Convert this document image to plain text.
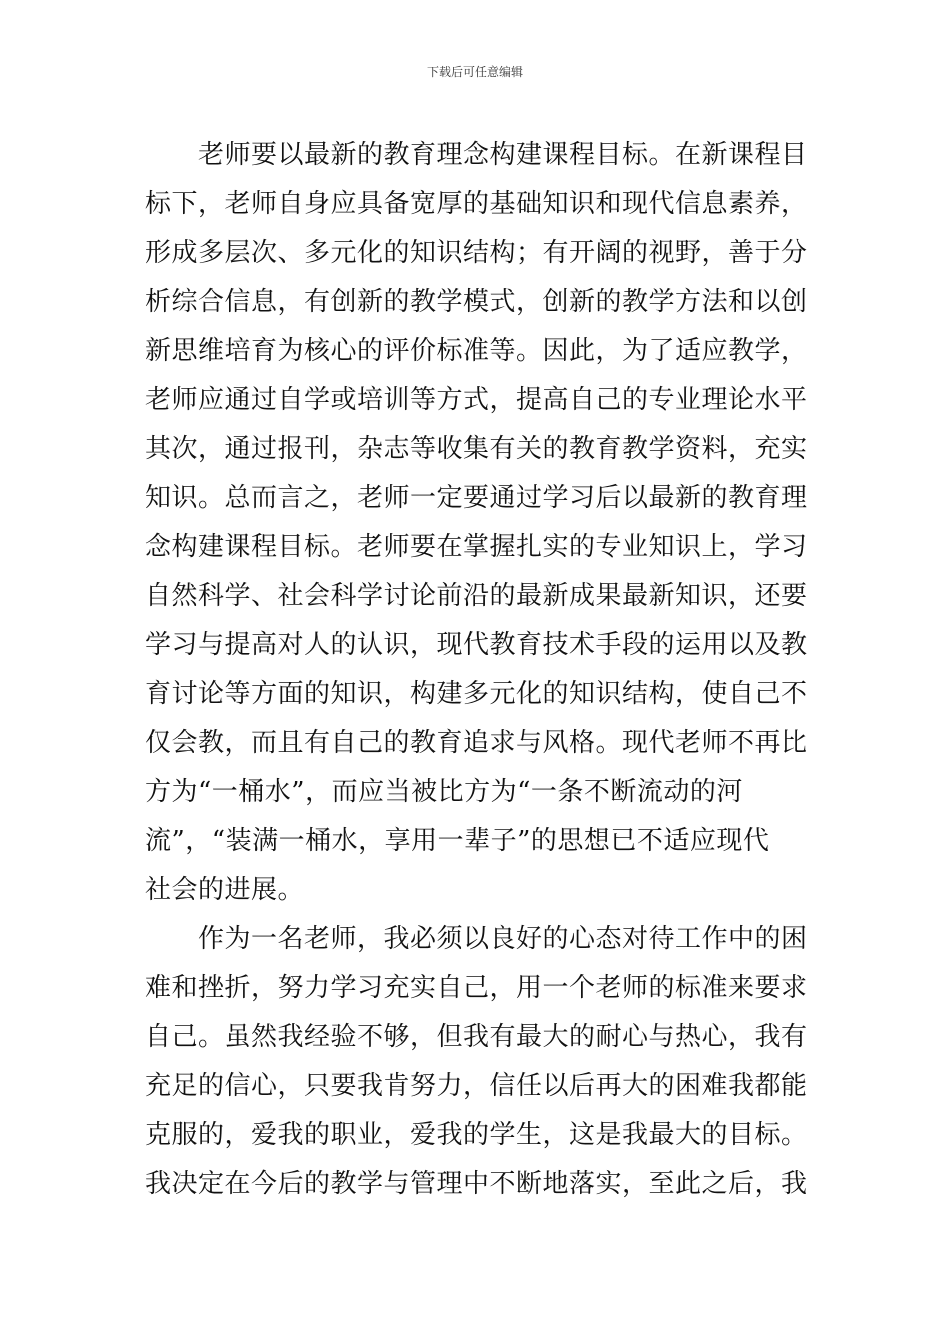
下载后可任意编辑
老师要以最新的教育理念构建课程目标。在新课程目
标下，老师自身应具备宽厚的基础知识和现代信息素养，
形成多层次、多元化的知识结构；有开阔的视野，善于分
析综合信息，有创新的教学模式，创新的教学方法和以创
新思维培育为核心的评价标准等。因此，为了适应教学，
老师应通过自学或培训等方式，提高自己的专业理论水平
其次，通过报刊，杂志等收集有关的教育教学资料，充实
知识。总而言之，老师一定要通过学习后以最新的教育理
念构建课程目标。老师要在掌握扎实的专业知识上，学习
自然科学、社会科学讨论前沿的最新成果最新知识，还要
学习与提高对人的认识，现代教育技术手段的运用以及教
育讨论等方面的知识，构建多元化的知识结构，使自己不
仅会教，而且有自己的教育追求与风格。现代老师不再比
方为“一桶水”，而应当被比方为“一条不断流动的河
流”，“装满一桶水，享用一辈子”的思想已不适应现代
社会的进展。
作为一名老师，我必须以良好的心态对待工作中的困
难和挫折，努力学习充实自己，用一个老师的标准来要求
自己。虽然我经验不够，但我有最大的耐心与热心，我有
充足的信心，只要我肯努力，信任以后再大的困难我都能
克服的，爱我的职业，爱我的学生，这是我最大的目标。
我决定在今后的教学与管理中不断地落实，至此之后，我
